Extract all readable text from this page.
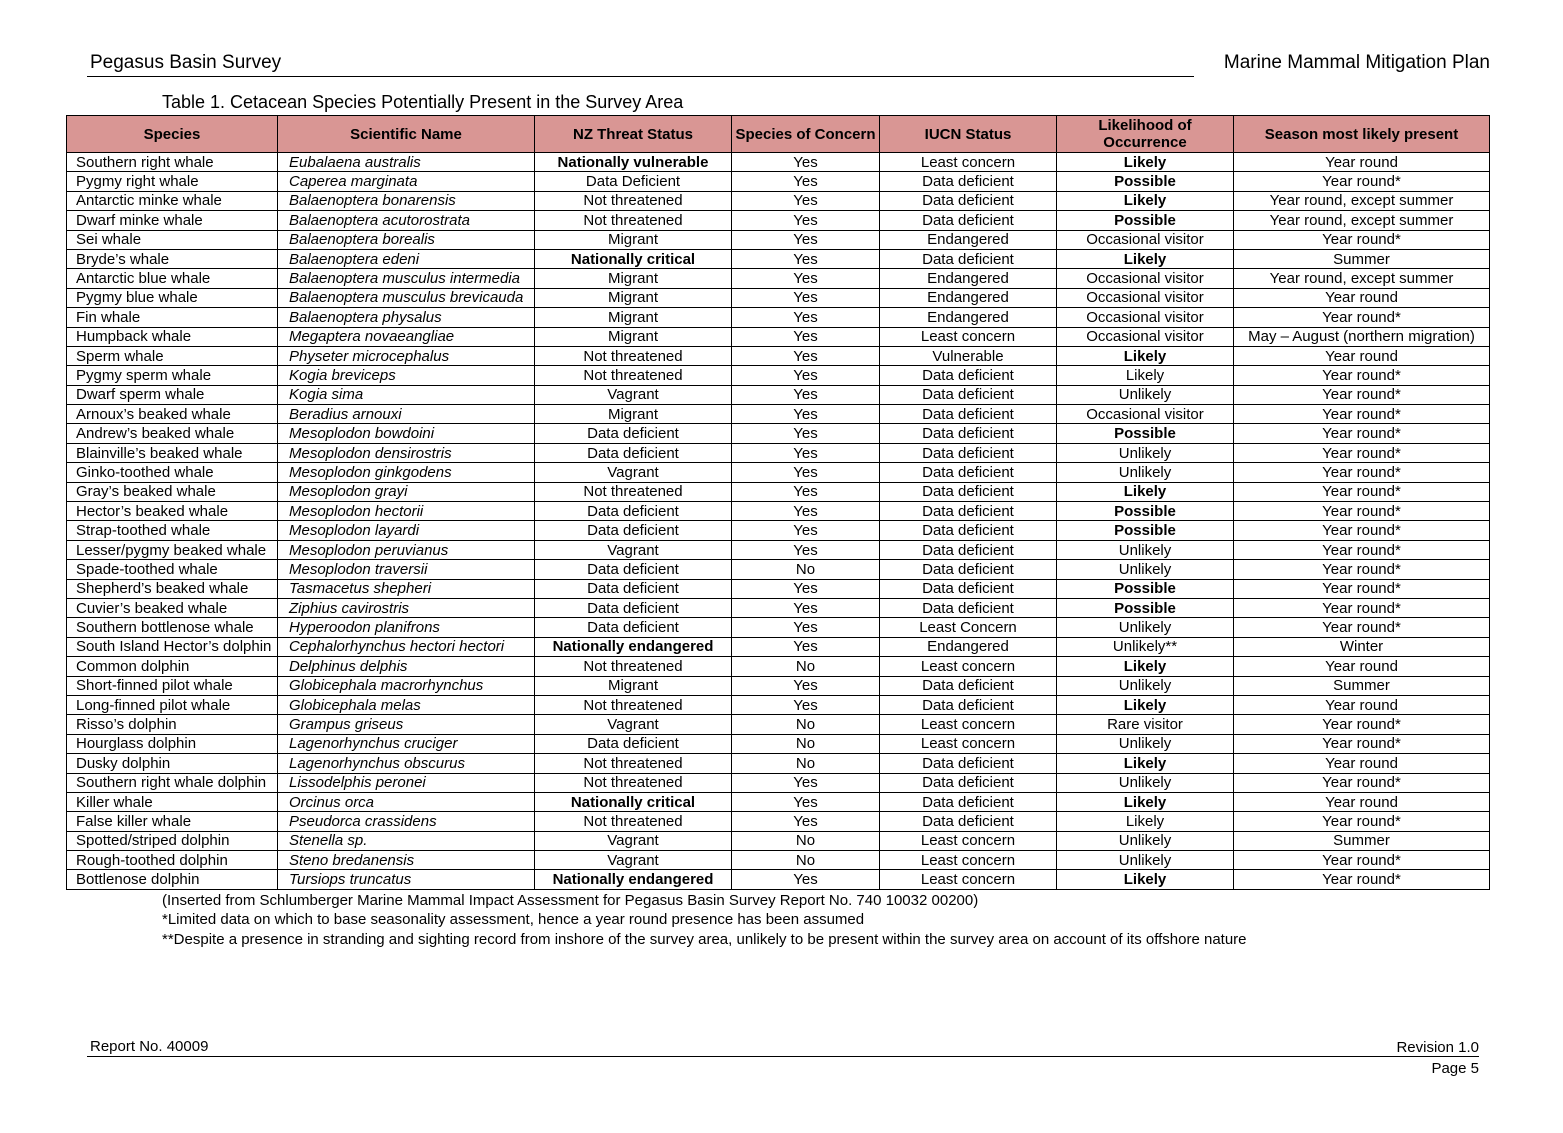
Pegasus Basin Survey	Marine Mammal Mitigation Plan
Table 1. Cetacean Species Potentially Present in the Survey Area
Species	Scientific Name	NZ Threat Status	Species of Concern	IUCN Status	Likelihood of Occurrence	Season most likely present
Southern right whale	Eubalaena australis	Nationally vulnerable	Yes	Least concern	Likely	Year round
Pygmy right whale	Caperea marginata	Data Deficient	Yes	Data deficient	Possible	Year round*
Antarctic minke whale	Balaenoptera bonarensis	Not threatened	Yes	Data deficient	Likely	Year round, except summer
Dwarf minke whale	Balaenoptera acutorostrata	Not threatened	Yes	Data deficient	Possible	Year round, except summer
Sei whale	Balaenoptera borealis	Migrant	Yes	Endangered	Occasional visitor	Year round*
Bryde’s whale	Balaenoptera edeni	Nationally critical	Yes	Data deficient	Likely	Summer
Antarctic blue whale	Balaenoptera musculus intermedia	Migrant	Yes	Endangered	Occasional visitor	Year round, except summer
Pygmy blue whale	Balaenoptera musculus brevicauda	Migrant	Yes	Endangered	Occasional visitor	Year round
Fin whale	Balaenoptera physalus	Migrant	Yes	Endangered	Occasional visitor	Year round*
Humpback whale	Megaptera novaeangliae	Migrant	Yes	Least concern	Occasional visitor	May – August (northern migration)
Sperm whale	Physeter microcephalus	Not threatened	Yes	Vulnerable	Likely	Year round
Pygmy sperm whale	Kogia breviceps	Not threatened	Yes	Data deficient	Likely	Year round*
Dwarf sperm whale	Kogia sima	Vagrant	Yes	Data deficient	Unlikely	Year round*
Arnoux’s beaked whale	Beradius arnouxi	Migrant	Yes	Data deficient	Occasional visitor	Year round*
Andrew’s beaked whale	Mesoplodon bowdoini	Data deficient	Yes	Data deficient	Possible	Year round*
Blainville’s beaked whale	Mesoplodon densirostris	Data deficient	Yes	Data deficient	Unlikely	Year round*
Ginko-toothed whale	Mesoplodon ginkgodens	Vagrant	Yes	Data deficient	Unlikely	Year round*
Gray’s beaked whale	Mesoplodon grayi	Not threatened	Yes	Data deficient	Likely	Year round*
Hector’s beaked whale	Mesoplodon hectorii	Data deficient	Yes	Data deficient	Possible	Year round*
Strap-toothed whale	Mesoplodon layardi	Data deficient	Yes	Data deficient	Possible	Year round*
Lesser/pygmy beaked whale	Mesoplodon peruvianus	Vagrant	Yes	Data deficient	Unlikely	Year round*
Spade-toothed whale	Mesoplodon traversii	Data deficient	No	Data deficient	Unlikely	Year round*
Shepherd’s beaked whale	Tasmacetus shepheri	Data deficient	Yes	Data deficient	Possible	Year round*
Cuvier’s beaked whale	Ziphius cavirostris	Data deficient	Yes	Data deficient	Possible	Year round*
Southern bottlenose whale	Hyperoodon planifrons	Data deficient	Yes	Least Concern	Unlikely	Year round*
South Island Hector’s dolphin	Cephalorhynchus hectori hectori	Nationally endangered	Yes	Endangered	Unlikely**	Winter
Common dolphin	Delphinus delphis	Not threatened	No	Least concern	Likely	Year round
Short-finned pilot whale	Globicephala macrorhynchus	Migrant	Yes	Data deficient	Unlikely	Summer
Long-finned pilot whale	Globicephala melas	Not threatened	Yes	Data deficient	Likely	Year round
Risso’s dolphin	Grampus griseus	Vagrant	No	Least concern	Rare visitor	Year round*
Hourglass dolphin	Lagenorhynchus cruciger	Data deficient	No	Least concern	Unlikely	Year round*
Dusky dolphin	Lagenorhynchus obscurus	Not threatened	No	Data deficient	Likely	Year round
Southern right whale dolphin	Lissodelphis peronei	Not threatened	Yes	Data deficient	Unlikely	Year round*
Killer whale	Orcinus orca	Nationally critical	Yes	Data deficient	Likely	Year round
False killer whale	Pseudorca crassidens	Not threatened	Yes	Data deficient	Likely	Year round*
Spotted/striped dolphin	Stenella sp.	Vagrant	No	Least concern	Unlikely	Summer
Rough-toothed dolphin	Steno bredanensis	Vagrant	No	Least concern	Unlikely	Year round*
Bottlenose dolphin	Tursiops truncatus	Nationally endangered	Yes	Least concern	Likely	Year round*
(Inserted from Schlumberger Marine Mammal Impact Assessment for Pegasus Basin Survey Report No. 740 10032 00200)
*Limited data on which to base seasonality assessment, hence a year round presence has been assumed
**Despite a presence in stranding and sighting record from inshore of the survey area, unlikely to be present within the survey area on account of its offshore nature
Report No. 40009	Revision 1.0
Page 5
